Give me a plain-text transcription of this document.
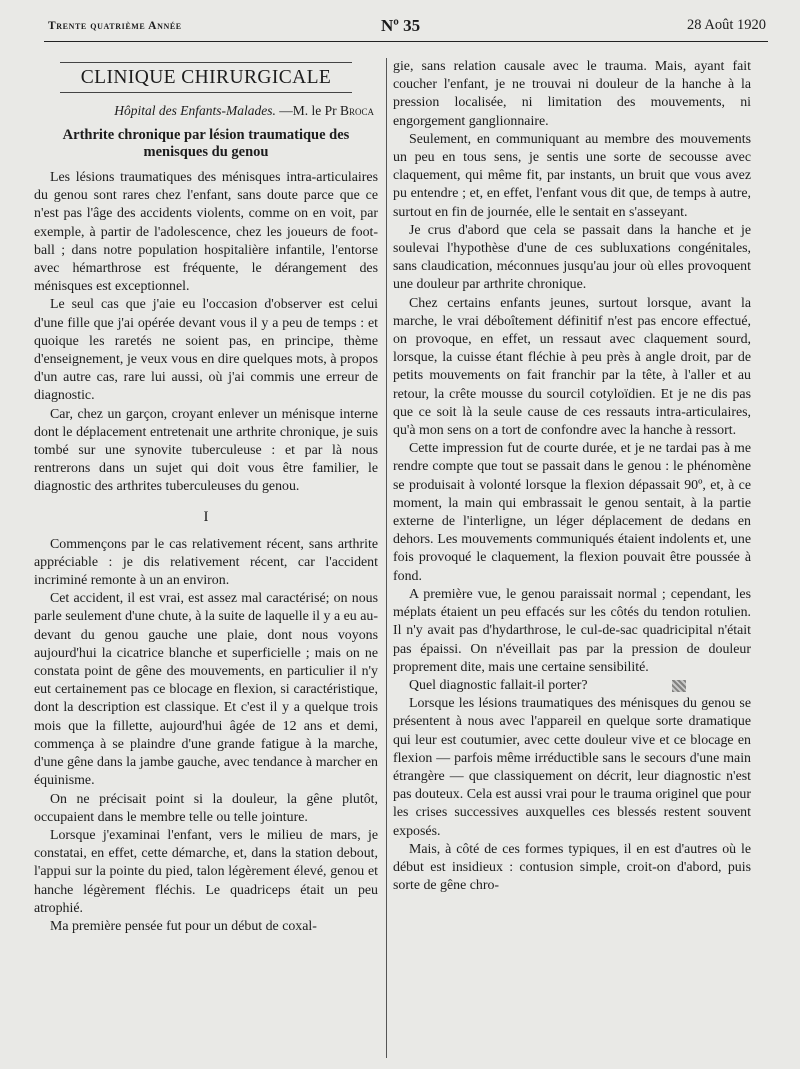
Trente quatrième Année	Nº 35	28 Août 1920
CLINIQUE CHIRURGICALE
Hôpital des Enfants-Malades. —M. le Pr Broca
Arthrite chronique par lésion traumatique des menisques du genou

Les lésions traumatiques des ménisques intra-articulaires du genou sont rares chez l'enfant, sans doute parce que ce n'est pas l'âge des accidents violents, comme on en voit, par exemple, à partir de l'adolescence, chez les joueurs de foot-ball ; dans notre population hospitalière infantile, l'entorse avec hémarthrose est fréquente, le dérangement des ménisques est exceptionnel.

Le seul cas que j'aie eu l'occasion d'observer est celui d'une fille que j'ai opérée devant vous il y a peu de temps : et quoique les raretés ne soient pas, en principe, thème d'enseignement, je veux vous en dire quelques mots, à propos d'un autre cas, rare lui aussi, où j'ai commis une erreur de diagnostic.

Car, chez un garçon, croyant enlever un ménisque interne dont le déplacement entretenait une arthrite chronique, je suis tombé sur une synovite tuberculeuse : et par là nous rentrerons dans un sujet qui doit vous être familier, le diagnostic des arthrites tuberculeuses du genou.

I

Commençons par le cas relativement récent, sans arthrite appréciable : je dis relativement récent, car l'accident incriminé remonte à un an environ.

Cet accident, il est vrai, est assez mal caractérisé; on nous parle seulement d'une chute, à la suite de laquelle il y a eu au-devant du genou gauche une plaie, dont nous voyons aujourd'hui la cicatrice blanche et superficielle ; mais on ne constata point de gêne des mouvements, en particulier il n'y eut certainement pas ce blocage en flexion, si caractéristique, dont la description est classique. Et c'est il y a quelque trois mois que la fillette, aujourd'hui âgée de 12 ans et demi, commença à se plaindre d'une grande fatigue à la marche, d'une gêne dans la jambe gauche, avec tendance à marcher en équinisme.

On ne précisait point si la douleur, la gêne plutôt, occupaient dans le membre telle ou telle jointure.

Lorsque j'examinai l'enfant, vers le milieu de mars, je constatai, en effet, cette démarche, et, dans la station debout, l'appui sur la pointe du pied, talon légèrement élevé, genou et hanche légèrement fléchis. Le quadriceps était un peu atrophié.

Ma première pensée fut pour un début de coxal-

gie, sans relation causale avec le trauma. Mais, ayant fait coucher l'enfant, je ne trouvai ni douleur de la hanche à la pression localisée, ni limitation des mouvements, ni engorgement ganglionnaire.

Seulement, en communiquant au membre des mouvements un peu en tous sens, je sentis une sorte de secousse avec claquement, qui même fit, par instants, un bruit que vous avez pu entendre ; et, en effet, l'enfant vous dit que, de temps à autre, surtout en fin de journée, elle le sentait en s'asseyant.

Je crus d'abord que cela se passait dans la hanche et je soulevai l'hypothèse d'une de ces subluxations congénitales, sans claudication, méconnues jusqu'au jour où elles provoquent une douleur par arthrite chronique.

Chez certains enfants jeunes, surtout lorsque, avant la marche, le vrai déboîtement définitif n'est pas encore effectué, on provoque, en effet, un ressaut avec claquement sourd, lorsque, la cuisse étant fléchie à peu près à angle droit, par de petits mouvements on fait franchir par la tête, à l'aller et au retour, la crête mousse du sourcil cotyloïdien. Et je ne dis pas que ce soit là la seule cause de ces ressauts intra-articulaires, qu'à mon sens on a tort de confondre avec la hanche à ressort.

Cette impression fut de courte durée, et je ne tardai pas à me rendre compte que tout se passait dans le genou : le phénomène se produisait à volonté lorsque la flexion dépassait 90º, et, à ce moment, la main qui embrassait le genou sentait, à la partie externe de l'interligne, un léger déplacement de dedans en dehors. Les mouvements communiqués étaient indolents et, une fois provoqué le claquement, la flexion pouvait être poussée à fond.

A première vue, le genou paraissait normal ; cependant, les méplats étaient un peu effacés sur les côtés du tendon rotulien. Il n'y avait pas d'hydarthrose, le cul-de-sac quadricipital n'était pas épaissi. On n'éveillait pas par la pression de douleur proprement dite, mais une certaine sensibilité.

Quel diagnostic fallait-il porter?

Lorsque les lésions traumatiques des ménisques du genou se présentent à nous avec l'appareil en quelque sorte dramatique qui leur est coutumier, avec cette douleur vive et ce blocage en flexion — parfois même irréductible sans le secours d'une main étrangère — que classiquement on décrit, leur diagnostic n'est pas douteux. Cela est aussi vrai pour le trauma originel que pour les crises successives auxquelles ces blessés restent souvent exposés.

Mais, à côté de ces formes typiques, il en est d'autres où le début est insidieux : contusion simple, croit-on d'abord, puis sorte de gêne chro-
